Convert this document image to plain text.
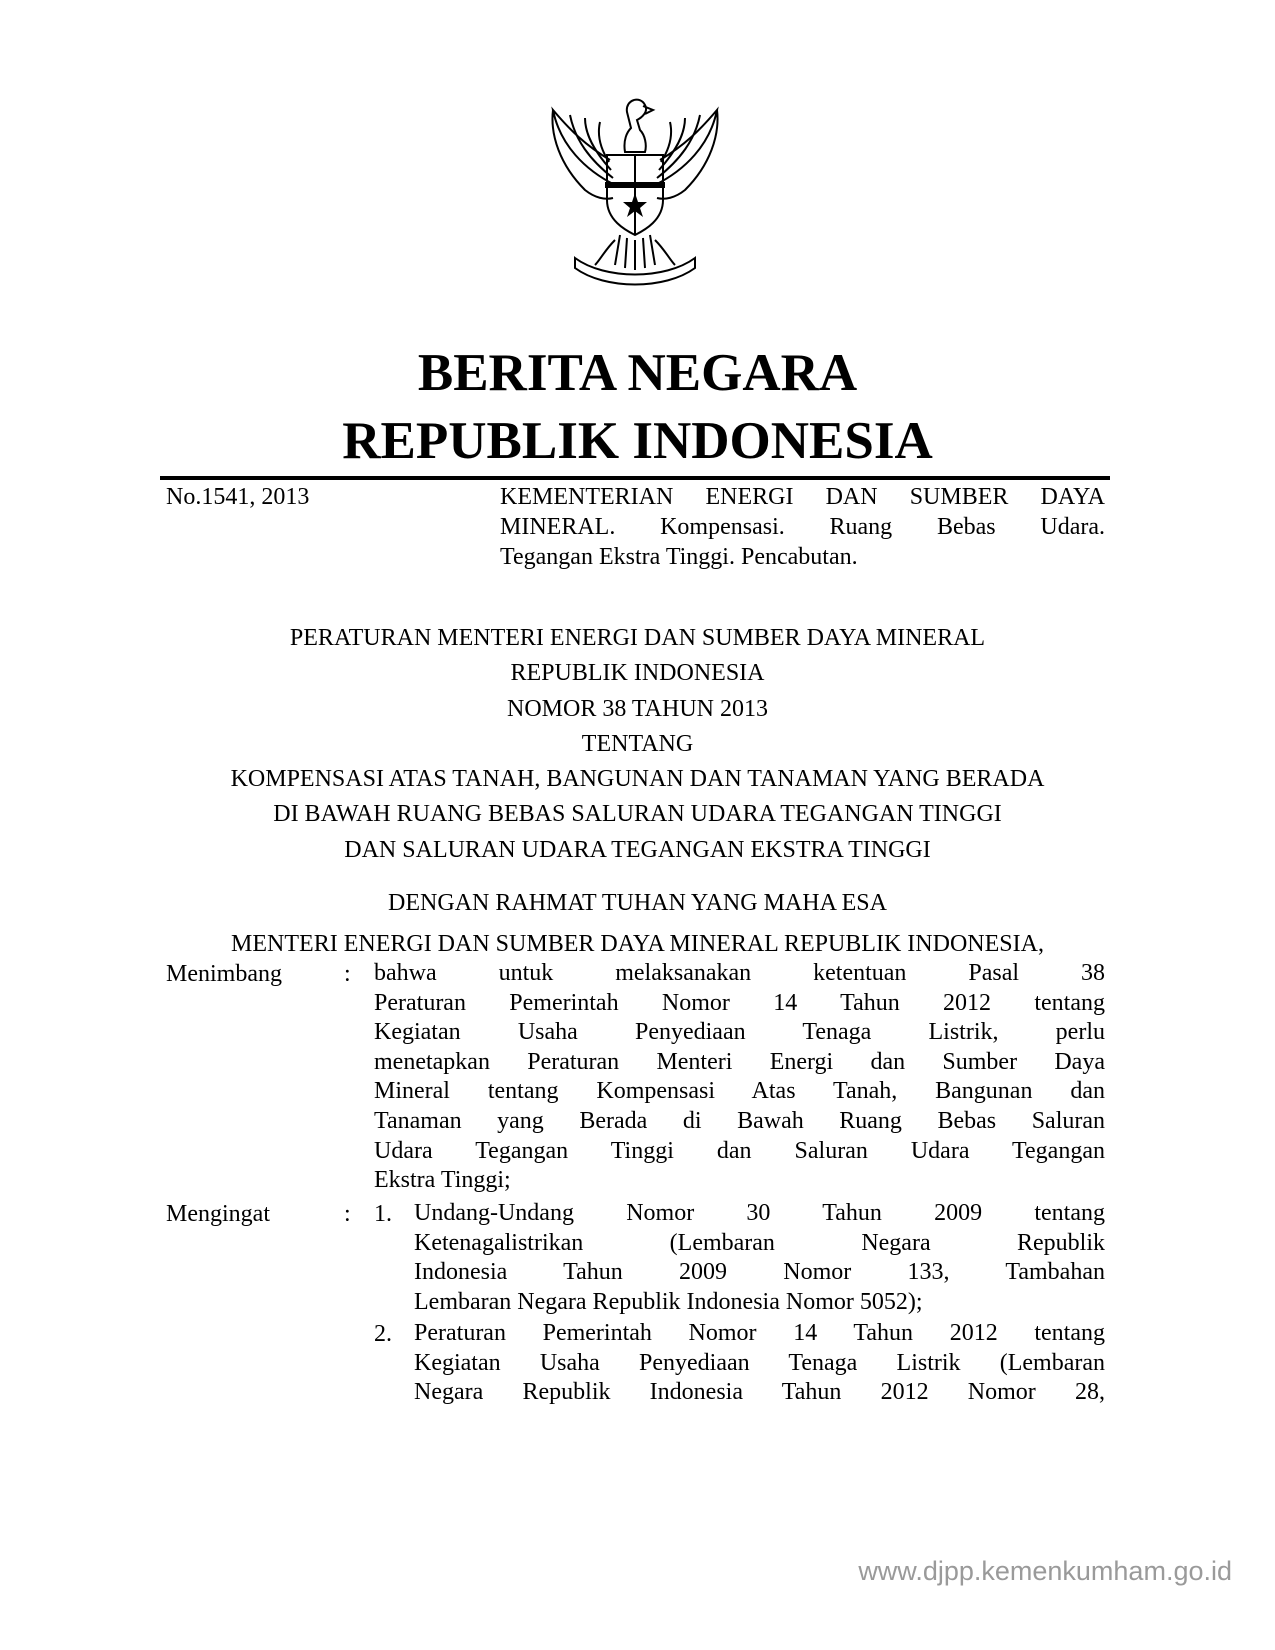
BERITA NEGARA
REPUBLIK INDONESIA
No.1541, 2013	KEMENTERIAN ENERGI DAN SUMBER DAYA
MINERAL. Kompensasi. Ruang Bebas Udara.
Tegangan Ekstra Tinggi. Pencabutan.
PERATURAN MENTERI ENERGI DAN SUMBER DAYA MINERAL
REPUBLIK INDONESIA
NOMOR 38 TAHUN 2013
TENTANG
KOMPENSASI ATAS TANAH, BANGUNAN DAN TANAMAN YANG BERADA
DI BAWAH RUANG BEBAS SALURAN UDARA TEGANGAN TINGGI
DAN SALURAN UDARA TEGANGAN EKSTRA TINGGI
DENGAN RAHMAT TUHAN YANG MAHA ESA
MENTERI ENERGI DAN SUMBER DAYA MINERAL REPUBLIK INDONESIA,
Menimbang	: bahwa untuk melaksanakan ketentuan Pasal 38
Peraturan Pemerintah Nomor 14 Tahun 2012 tentang
Kegiatan Usaha Penyediaan Tenaga Listrik, perlu
menetapkan Peraturan Menteri Energi dan Sumber Daya
Mineral tentang Kompensasi Atas Tanah, Bangunan dan
Tanaman yang Berada di Bawah Ruang Bebas Saluran
Udara Tegangan Tinggi dan Saluran Udara Tegangan
Ekstra Tinggi;
Mengingat	: 1. Undang-Undang Nomor 30 Tahun 2009 tentang
Ketenagalistrikan (Lembaran Negara Republik
Indonesia Tahun 2009 Nomor 133, Tambahan
Lembaran Negara Republik Indonesia Nomor 5052);
2. Peraturan Pemerintah Nomor 14 Tahun 2012 tentang
Kegiatan Usaha Penyediaan Tenaga Listrik (Lembaran
Negara Republik Indonesia Tahun 2012 Nomor 28,
www.djpp.kemenkumham.go.id
